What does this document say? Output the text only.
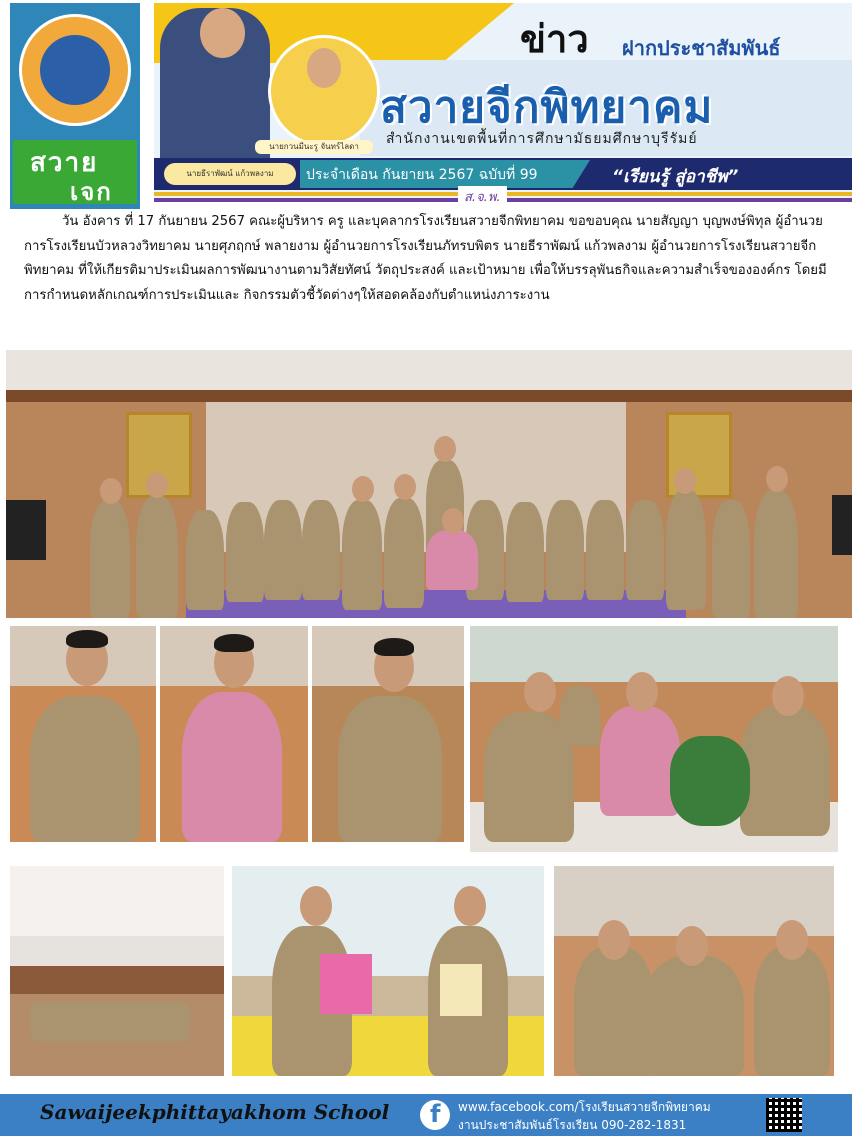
สวาย
เจก
นายกวนมีนะรู จันทร์ไลดา
ข่าว ฝากประชาสัมพันธ์
สวายจีกพิทยาคม
สำนักงานเขตพื้นที่การศึกษามัธยมศึกษาบุรีรัมย์
นายธีราพัฒน์ แก้วพลงาม	ประจำเดือน กันยายน 2567 ฉบับที่ 99	“เรียนรู้ สู่อาชีพ”
ส.จ.พ.

วัน อังคาร ที่ 17 กันยายน 2567 คณะผู้บริหาร ครู และบุคลากรโรงเรียนสวายจีกพิทยาคม ขอขอบคุณ นายสัญญา บุญพงษ์พิทุล ผู้อำนวยการโรงเรียนบัวหลวงวิทยาคม นายศุภฤกษ์ พลายงาม ผู้อำนวยการโรงเรียนภัทรบพิตร นายธีราพัฒน์ แก้วพลงาม ผู้อำนวยการโรงเรียนสวายจีกพิทยาคม ที่ให้เกียรติมาประเมินผลการพัฒนางานตามวิสัยทัศน์ วัตถุประสงค์ และเป้าหมาย เพื่อให้บรรลุพันธกิจและความสำเร็จขององค์กร โดยมีการกำหนดหลักเกณฑ์การประเมินและ กิจกรรมตัวชี้วัดต่างๆให้สอดคล้องกับตำแหน่งภาระงาน

Sawaijeekphittayakhom School f www.facebook.com/โรงเรียนสวายจีกพิทยาคม
งานประชาสัมพันธ์โรงเรียน 090-282-1831
